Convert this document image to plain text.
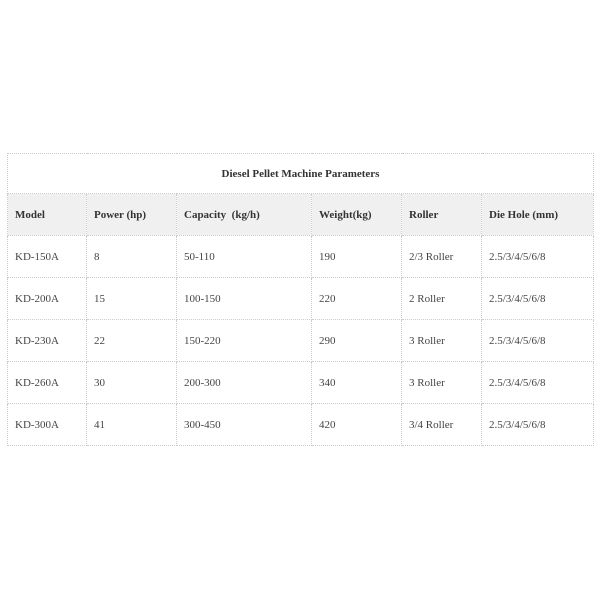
Diesel Pellet Machine Parameters					
Model	Power (hp)	Capacity  (kg/h)	Weight(kg)	Roller	Die Hole (mm)
KD-150A	8	50-110	190	2/3 Roller	2.5/3/4/5/6/8
KD-200A	15	100-150	220	2 Roller	2.5/3/4/5/6/8
KD-230A	22	150-220	290	3 Roller	2.5/3/4/5/6/8
KD-260A	30	200-300	340	3 Roller	2.5/3/4/5/6/8
KD-300A	41	300-450	420	3/4 Roller	2.5/3/4/5/6/8
